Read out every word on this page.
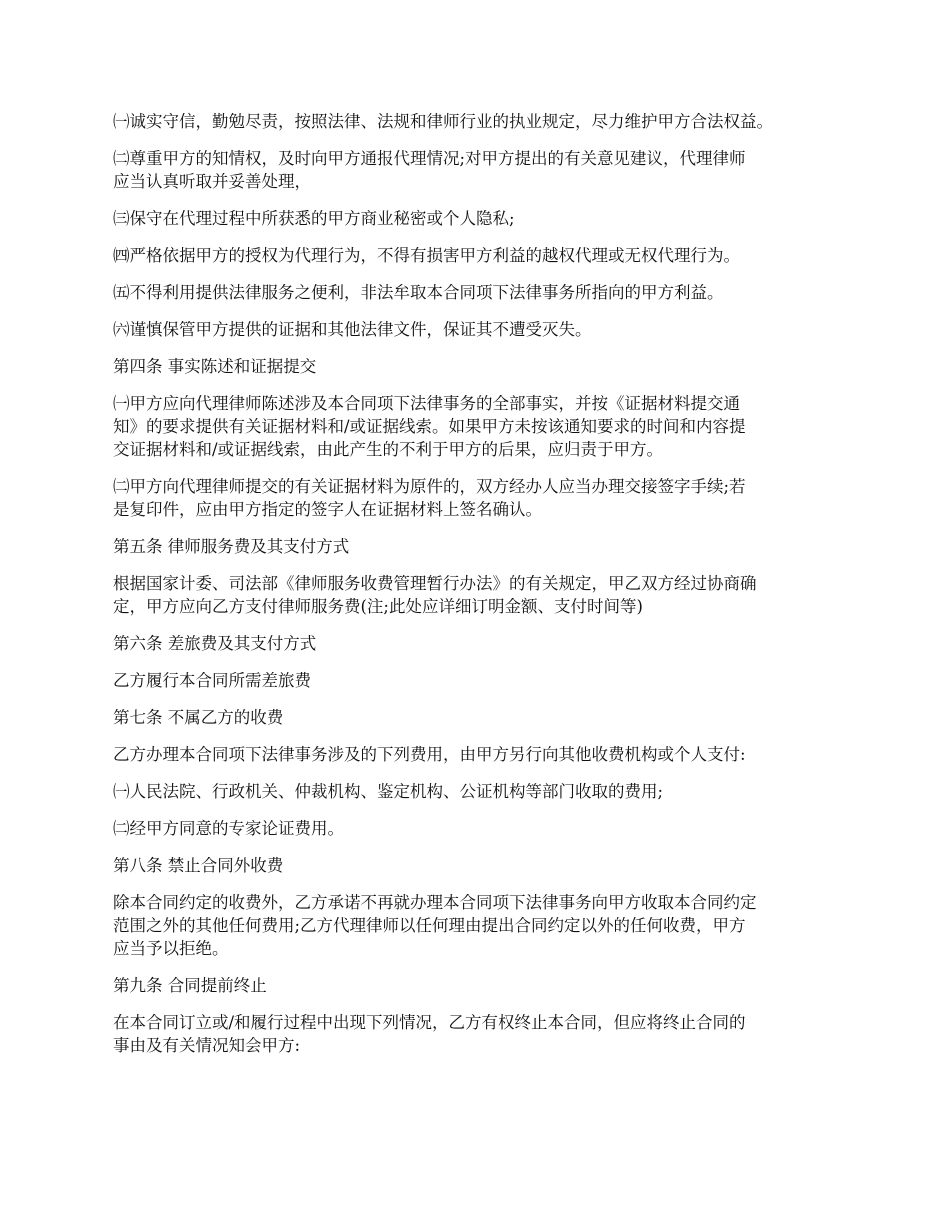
㈠诚实守信，勤勉尽责，按照法律、法规和律师行业的执业规定，尽力维护甲方合法权益。

㈡尊重甲方的知情权，及时向甲方通报代理情况;对甲方提出的有关意见建议，代理律师
应当认真听取并妥善处理，

㈢保守在代理过程中所获悉的甲方商业秘密或个人隐私;

㈣严格依据甲方的授权为代理行为，不得有损害甲方利益的越权代理或无权代理行为。

㈤不得利用提供法律服务之便利，非法牟取本合同项下法律事务所指向的甲方利益。

㈥谨慎保管甲方提供的证据和其他法律文件，保证其不遭受灭失。

第四条 事实陈述和证据提交

㈠甲方应向代理律师陈述涉及本合同项下法律事务的全部事实，并按《证据材料提交通
知》的要求提供有关证据材料和/或证据线索。如果甲方未按该通知要求的时间和内容提
交证据材料和/或证据线索，由此产生的不利于甲方的后果，应归责于甲方。

㈡甲方向代理律师提交的有关证据材料为原件的，双方经办人应当办理交接签字手续;若
是复印件，应由甲方指定的签字人在证据材料上签名确认。

第五条 律师服务费及其支付方式

根据国家计委、司法部《律师服务收费管理暂行办法》的有关规定，甲乙双方经过协商确
定，甲方应向乙方支付律师服务费(注;此处应详细订明金额、支付时间等)

第六条 差旅费及其支付方式

乙方履行本合同所需差旅费

第七条 不属乙方的收费

乙方办理本合同项下法律事务涉及的下列费用，由甲方另行向其他收费机构或个人支付:

㈠人民法院、行政机关、仲裁机构、鉴定机构、公证机构等部门收取的费用;

㈡经甲方同意的专家论证费用。

第八条 禁止合同外收费

除本合同约定的收费外，乙方承诺不再就办理本合同项下法律事务向甲方收取本合同约定
范围之外的其他任何费用;乙方代理律师以任何理由提出合同约定以外的任何收费，甲方
应当予以拒绝。

第九条 合同提前终止

在本合同订立或/和履行过程中出现下列情况，乙方有权终止本合同，但应将终止合同的
事由及有关情况知会甲方:
